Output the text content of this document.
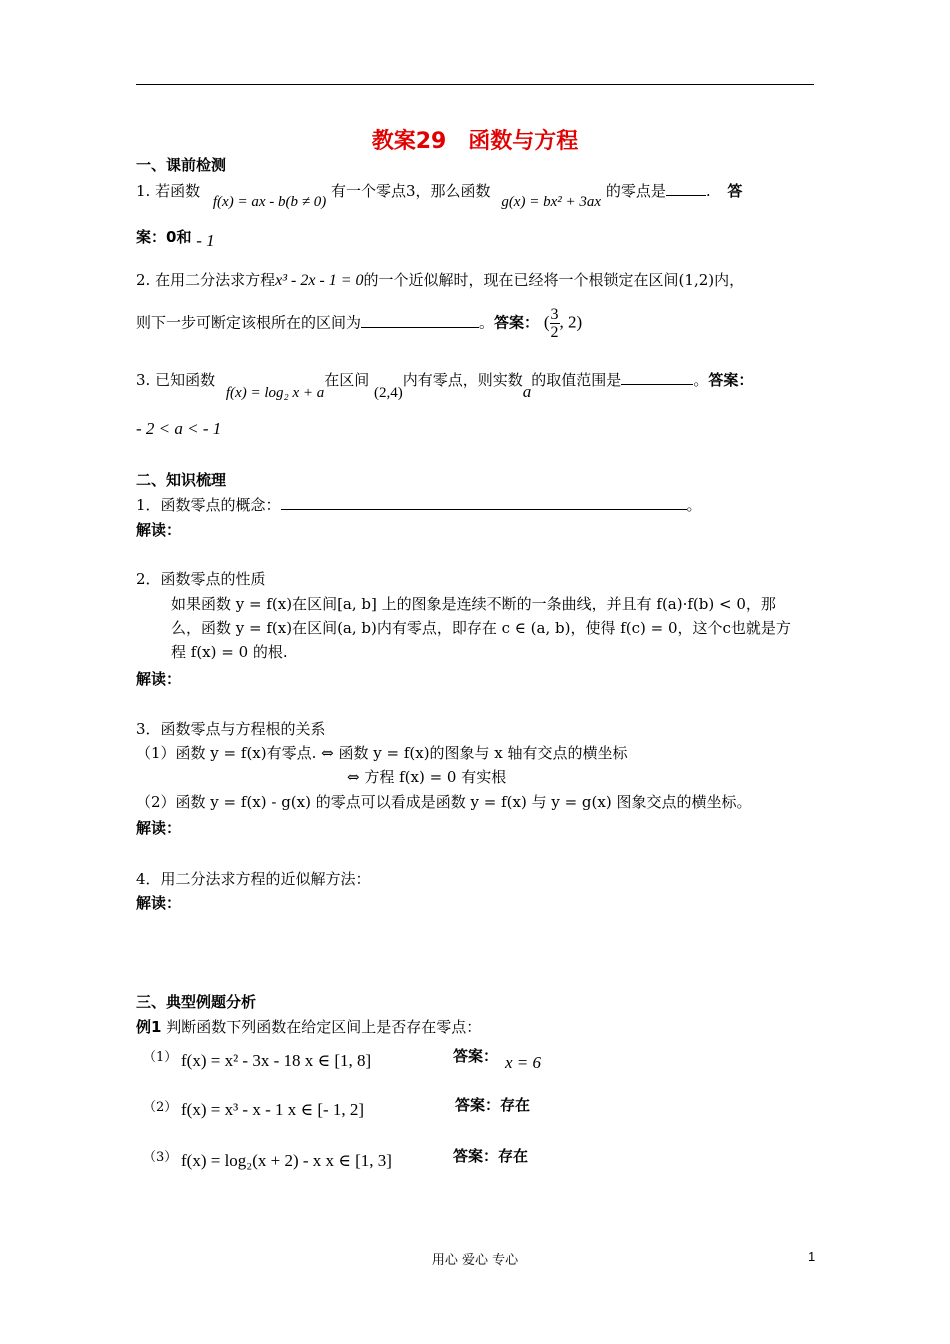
教案29　函数与方程
一、课前检测
1. 若函数 f(x) = ax - b(b ≠ 0) 有一个零点3，那么函数 g(x) = bx² + 3ax 的零点是	. 答
案：0和 - 1
2. 在用二分法求方程x³ - 2x - 1 = 0的一个近似解时，现在已经将一个根锁定在区间(1,2)内，
则下一步可断定该根所在的区间为	。答案： ( $\frac{3}{2}$ , 2)
3. 已知函数 f(x) = log₂ x + a在区间 (2,4)内有零点，则实数a的取值范围是	。答案：
- 2 < a < - 1
二、知识梳理
1．函数零点的概念：	。
解读：
2．函数零点的性质
如果函数 y = f(x)在区间[a, b] 上的图象是连续不断的一条曲线，并且有 f(a)·f(b) < 0，那
么，函数 y = f(x)在区间(a, b)内有零点，即存在 c ∈ (a, b)，使得 f(c) = 0，这个c也就是方
程 f(x) = 0 的根.
解读：
3．函数零点与方程根的关系
（1）函数 y = f(x)有零点. ⇔ 函数 y = f(x)的图象与 x 轴有交点的横坐标
⇔ 方程 f(x) = 0 有实根
（2）函数 y = f(x) - g(x) 的零点可以看成是函数 y = f(x) 与 y = g(x) 图象交点的横坐标。
解读：
4．用二分法求方程的近似解方法：
解读：
三、典型例题分析
例1 判断函数下列函数在给定区间上是否存在零点：
（1） f(x) = x² - 3x - 18 x ∈ [1, 8]	答案： x = 6
（2） f(x) = x³ - x - 1 x ∈ [- 1, 2]	答案：存在
（3） f(x) = log₂(x + 2) - x x ∈ [1, 3]	答案：存在
用心 爱心 专心	1
